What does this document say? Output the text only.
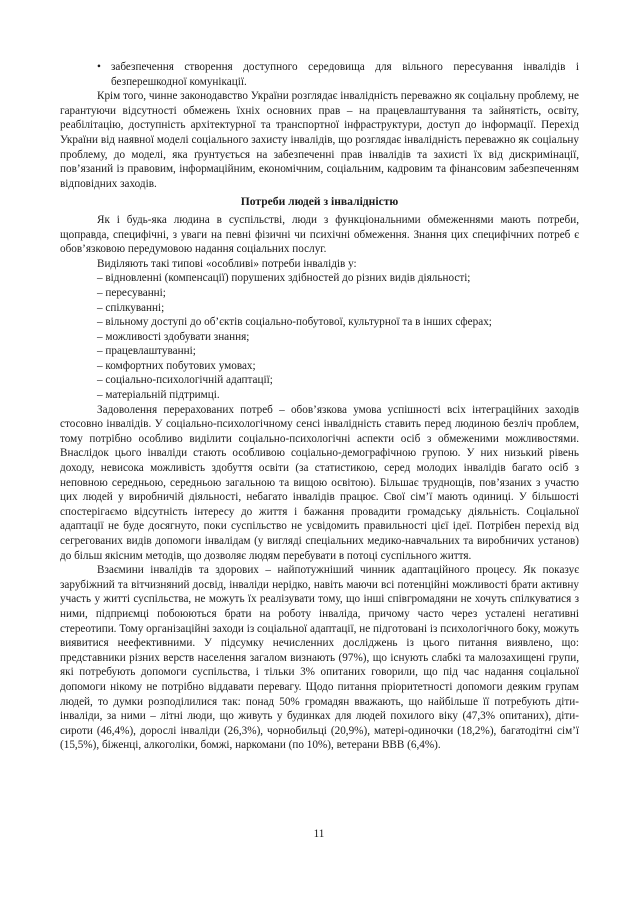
• забезпечення створення доступного середовища для вільного пересування інвалідів і безперешкодної комунікації.

Крім того, чинне законодавство України розглядає інвалідність переважно як соціальну проблему, не гарантуючи відсутності обмежень їхніх основних прав – на працевлаштування та зайнятість, освіту, реабілітацію, доступність архітектурної та транспортної інфраструктури, доступ до інформації. Перехід України від наявної моделі соціального захисту інвалідів, що розглядає інвалідність переважно як соціальну проблему, до моделі, яка ґрунтується на забезпеченні прав інвалідів та захисті їх від дискримінації, пов’язаний із правовим, інформаційним, економічним, соціальним, кадровим та фінансовим забезпеченням відповідних заходів.

Потреби людей з інвалідністю

Як і будь-яка людина в суспільстві, люди з функціональними обмеженнями мають потреби, щоправда, специфічні, з уваги на певні фізичні чи психічні обмеження. Знання цих специфічних потреб є обов’язковою передумовою надання соціальних послуг.

Виділяють такі типові «особливі» потреби інвалідів у:

– відновленні (компенсації) порушених здібностей до різних видів діяльності;

– пересуванні;

– спілкуванні;

– вільному доступі до об’єктів соціально-побутової, культурної та в інших сферах;

– можливості здобувати знання;

– працевлаштуванні;

– комфортних побутових умовах;

– соціально-психологічній адаптації;

– матеріальній підтримці.

Задоволення перерахованих потреб – обов’язкова умова успішності всіх інтеграційних заходів стосовно інвалідів. У соціально-психологічному сенсі інвалідність ставить перед людиною безліч проблем, тому потрібно особливо виділити соціально-психологічні аспекти осіб з обмеженими можливостями. Внаслідок цього інваліди стають особливою соціально-демографічною групою. У них низький рівень доходу, невисока можливість здобуття освіти (за статистикою, серед молодих інвалідів багато осіб з неповною середньою, середньою загальною та вищою освітою). Більшає труднощів, пов’язаних з участю цих людей у виробничій діяльності, небагато інвалідів працює. Свої сім’ї мають одиниці. У більшості спостерігаємо відсутність інтересу до життя і бажання провадити громадську діяльність. Соціальної адаптації не буде досягнуто, поки суспільство не усвідомить правильності цієї ідеї. Потрібен перехід від сегрегованих видів допомоги інвалідам (у вигляді спеціальних медико-навчальних та виробничих установ) до більш якісним методів, що дозволяє людям перебувати в потоці суспільного життя.

Взаємини інвалідів та здорових – найпотужніший чинник адаптаційного процесу. Як показує зарубіжний та вітчизняний досвід, інваліди нерідко, навіть маючи всі потенційні можливості брати активну участь у житті суспільства, не можуть їх реалізувати тому, що інші співгромадяни не хочуть спілкуватися з ними, підприємці побоюються брати на роботу інваліда, причому часто через усталені негативні стереотипи. Тому організаційні заходи із соціальної адаптації, не підготовані із психологічного боку, можуть виявитися неефективними. У підсумку нечисленних досліджень із цього питання виявлено, що: представники різних верств населення загалом визнають (97%), що існують слабкі та малозахищені групи, які потребують допомоги суспільства, і тільки 3% опитаних говорили, що під час надання соціальної допомоги нікому не потрібно віддавати перевагу. Щодо питання пріоритетності допомоги деяким групам людей, то думки розподілилися так: понад 50% громадян вважають, що найбільше її потребують діти-інваліди, за ними – літні люди, що живуть у будинках для людей похилого віку (47,3% опитаних), діти-сироти (46,4%), дорослі інваліди (26,3%), чорнобильці (20,9%), матері-одиночки (18,2%), багатодітні сім’ї (15,5%), біженці, алкоголіки, бомжі, наркомани (по 10%), ветерани ВВВ (6,4%).

11
